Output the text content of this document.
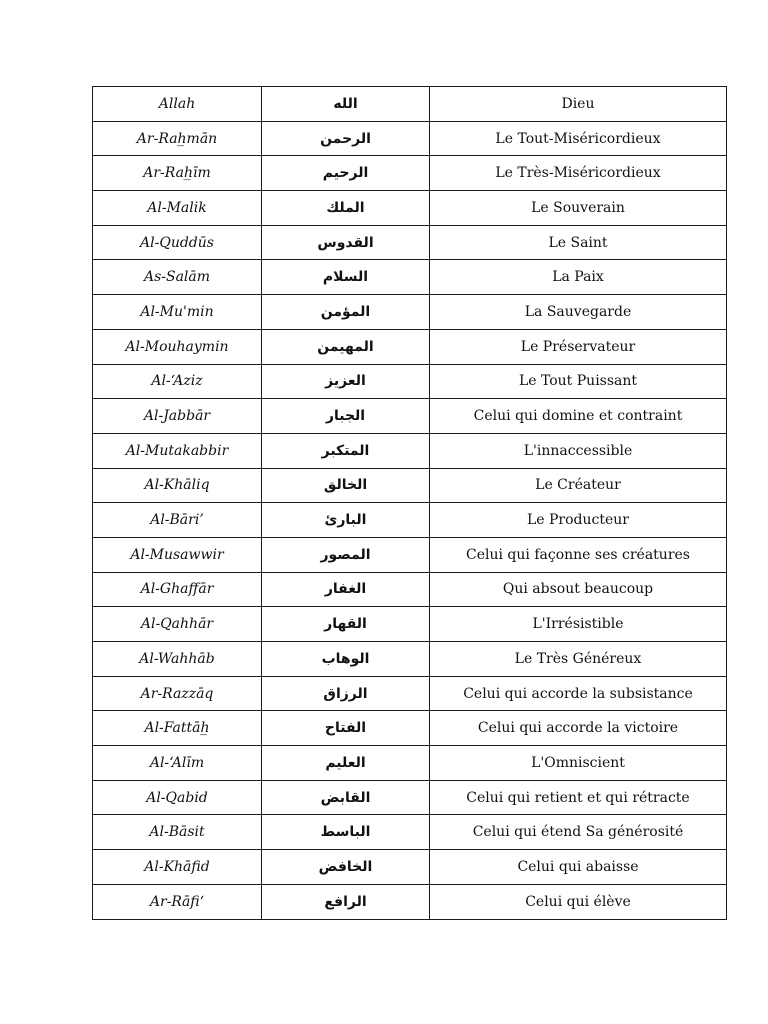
Allah	الله	Dieu
Ar-Rah̲mān	الرحمن	Le Tout-Miséricordieux
Ar-Rah̲īm	الرحيم	Le Très-Miséricordieux
Al-Malik	الملك	Le Souverain
Al-Quddūs	القدوس	Le Saint
As-Salām	السلام	La Paix
Al-Mu'min	المؤمن	La Sauvegarde
Al-Mouhaymin	المهيمن	Le Préservateur
Al-‘Aziz	العزيز	Le Tout Puissant
Al-Jabbār	الجبار	Celui qui domine et contraint
Al-Mutakabbir	المتكبر	L'innaccessible
Al-Khāliq	الخالق	Le Créateur
Al-Bāri’	البارئ	Le Producteur
Al-Musawwir	المصور	Celui qui façonne ses créatures
Al-Ghaffār	الغفار	Qui absout beaucoup
Al-Qahhār	القهار	L'Irrésistible
Al-Wahhāb	الوهاب	Le Très Généreux
Ar-Razzāq	الرزاق	Celui qui accorde la subsistance
Al-Fattāh̲	الفتاح	Celui qui accorde la victoire
Al-‘Alīm	العليم	L'Omniscient
Al-Qabid	القابض	Celui qui retient et qui rétracte
Al-Bāsit	الباسط	Celui qui étend Sa générosité
Al-Khāfid	الخافض	Celui qui abaisse
Ar-Rāfi‘	الرافع	Celui qui élève
